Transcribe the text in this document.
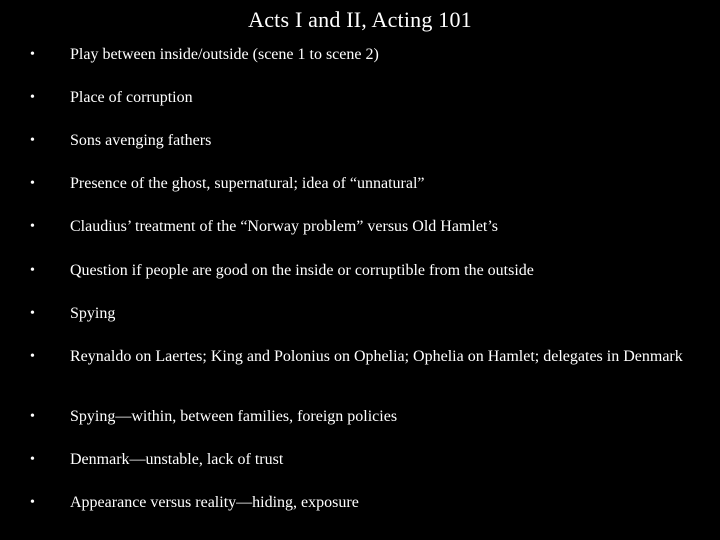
Acts I and II, Acting 101
• Play between inside/outside (scene 1 to scene 2)
• Place of corruption
• Sons avenging fathers
• Presence of the ghost, supernatural; idea of “unnatural”
• Claudius’ treatment of the “Norway problem” versus Old Hamlet’s
• Question if people are good on the inside or corruptible from the outside
• Spying
• Reynaldo on Laertes; King and Polonius on Ophelia; Ophelia on Hamlet; delegates in Denmark
• Spying—within, between families, foreign policies
• Denmark—unstable, lack of trust
• Appearance versus reality—hiding, exposure
